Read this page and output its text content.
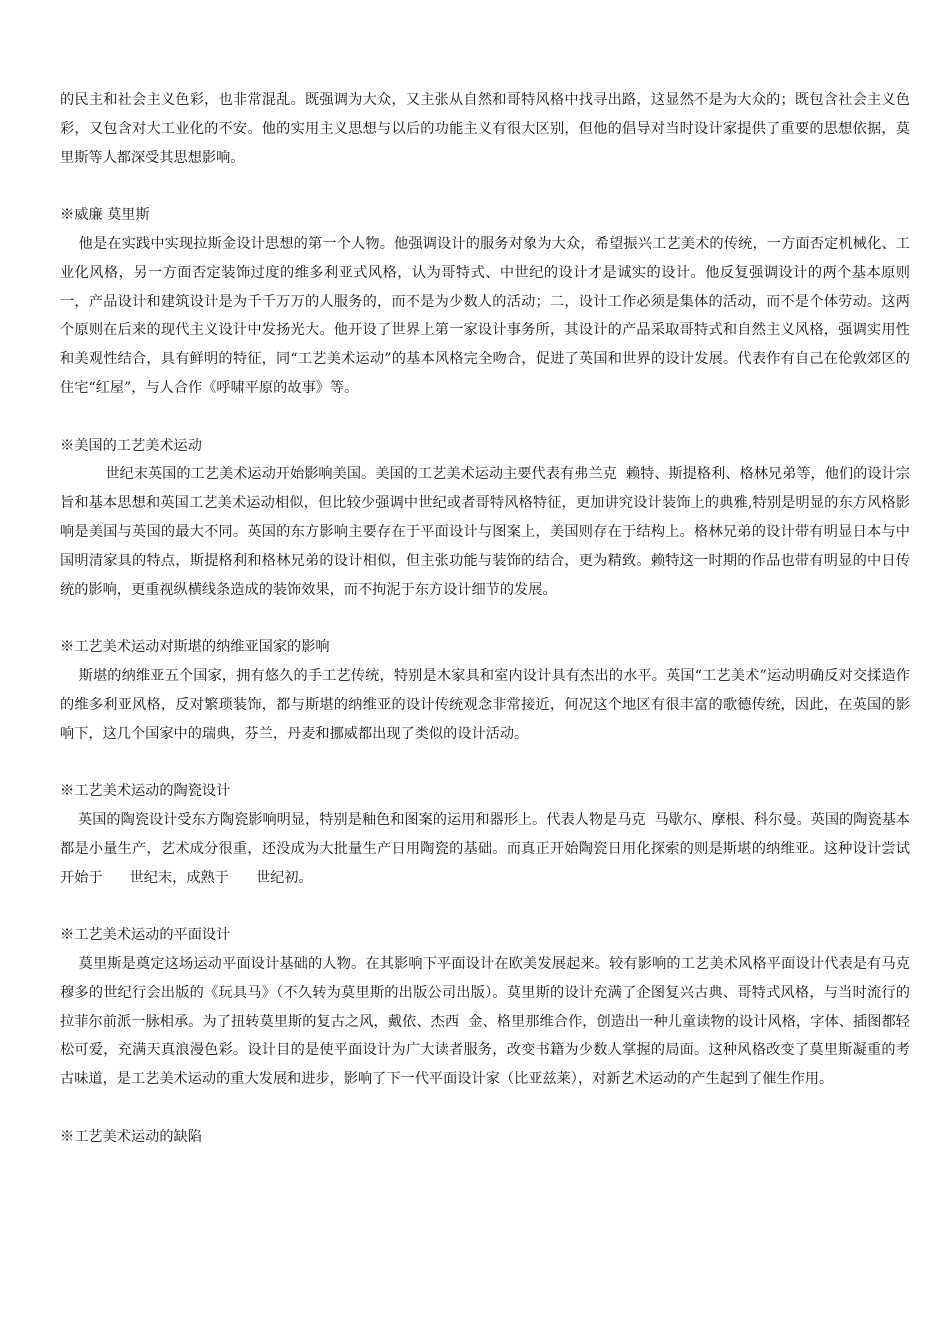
的民主和社会主义色彩，也非常混乱。既强调为大众，又主张从自然和哥特风格中找寻出路，这显然不是为大众的；既包含社会主义色彩，又包含对大工业化的不安。他的实用主义思想与以后的功能主义有很大区别，但他的倡导对当时设计家提供了重要的思想依据，莫里斯等人都深受其思想影响。

※威廉 莫里斯

他是在实践中实现拉斯金设计思想的第一个人物。他强调设计的服务对象为大众，希望振兴工艺美术的传统，一方面否定机械化、工业化风格，另一方面否定装饰过度的维多利亚式风格，认为哥特式、中世纪的设计才是诚实的设计。他反复强调设计的两个基本原则 一，产品设计和建筑设计是为千千万万的人服务的，而不是为少数人的活动；二，设计工作必须是集体的活动，而不是个体劳动。这两个原则在后来的现代主义设计中发扬光大。他开设了世界上第一家设计事务所，其设计的产品采取哥特式和自然主义风格，强调实用性和美观性结合，具有鲜明的特征，同“工艺美术运动”的基本风格完全吻合，促进了英国和世界的设计发展。代表作有自己在伦敦郊区的住宅“红屋”，与人合作《呼啸平原的故事》等。

※美国的工艺美术运动

世纪末英国的工艺美术运动开始影响美国。美国的工艺美术运动主要代表有弗兰克  赖特、斯提格利、格林兄弟等，他们的设计宗旨和基本思想和英国工艺美术运动相似，但比较少强调中世纪或者哥特风格特征，更加讲究设计装饰上的典雅,特别是明显的东方风格影响是美国与英国的最大不同。英国的东方影响主要存在于平面设计与图案上，美国则存在于结构上。格林兄弟的设计带有明显日本与中国明清家具的特点，斯提格利和格林兄弟的设计相似，但主张功能与装饰的结合，更为精致。赖特这一时期的作品也带有明显的中日传统的影响，更重视纵横线条造成的装饰效果，而不拘泥于东方设计细节的发展。

※工艺美术运动对斯堪的纳维亚国家的影响

斯堪的纳维亚五个国家，拥有悠久的手工艺传统，特别是木家具和室内设计具有杰出的水平。英国“工艺美术”运动明确反对交揉造作的维多利亚风格，反对繁琐装饰，都与斯堪的纳维亚的设计传统观念非常接近，何况这个地区有很丰富的歌德传统，因此，在英国的影响下，这几个国家中的瑞典，芬兰，丹麦和挪威都出现了类似的设计活动。

※工艺美术运动的陶瓷设计

英国的陶瓷设计受东方陶瓷影响明显，特别是釉色和图案的运用和器形上。代表人物是马克  马歇尔、摩根、科尔曼。英国的陶瓷基本都是小量生产，艺术成分很重，还没成为大批量生产日用陶瓷的基础。而真正开始陶瓷日用化探索的则是斯堪的纳维亚。这种设计尝试开始于      世纪末，成熟于      世纪初。

※工艺美术运动的平面设计

莫里斯是奠定这场运动平面设计基础的人物。在其影响下平面设计在欧美发展起来。较有影响的工艺美术风格平面设计代表是有马克穆多的世纪行会出版的《玩具马》（不久转为莫里斯的出版公司出版）。莫里斯的设计充满了企图复兴古典、哥特式风格，与当时流行的拉菲尔前派一脉相承。为了扭转莫里斯的复古之风，戴依、杰西  金、格里那维合作，创造出一种儿童读物的设计风格，字体、插图都轻松可爱，充满天真浪漫色彩。设计目的是使平面设计为广大读者服务，改变书籍为少数人掌握的局面。这种风格改变了莫里斯凝重的考古味道，是工艺美术运动的重大发展和进步，影响了下一代平面设计家（比亚兹莱），对新艺术运动的产生起到了催生作用。

※工艺美术运动的缺陷
